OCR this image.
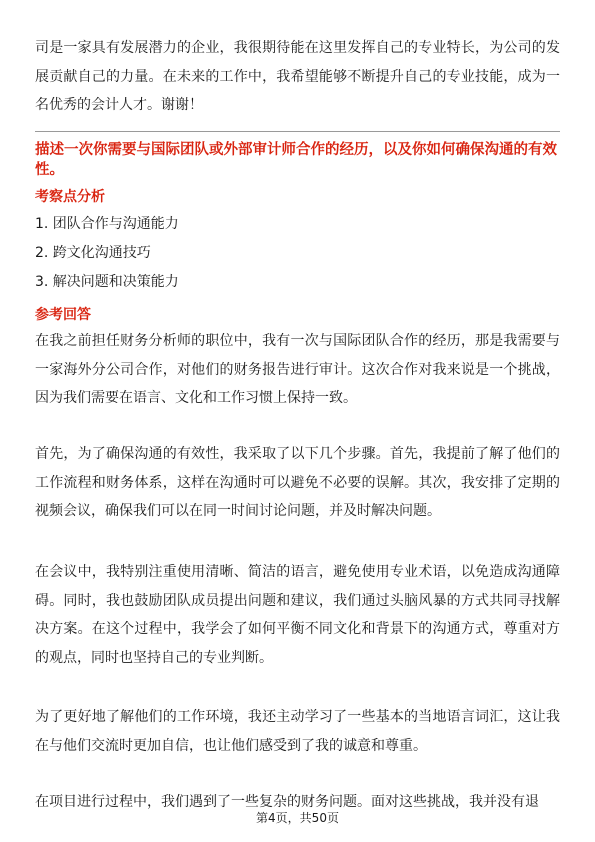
司是一家具有发展潜力的企业，我很期待能在这里发挥自己的专业特长，为公司的发展贡献自己的力量。在未来的工作中，我希望能够不断提升自己的专业技能，成为一名优秀的会计人才。谢谢！

描述一次你需要与国际团队或外部审计师合作的经历，以及你如何确保沟通的有效性。

考察点分析

1. 团队合作与沟通能力

2. 跨文化沟通技巧

3. 解决问题和决策能力

参考回答

在我之前担任财务分析师的职位中，我有一次与国际团队合作的经历，那是我需要与一家海外分公司合作，对他们的财务报告进行审计。这次合作对我来说是一个挑战，因为我们需要在语言、文化和工作习惯上保持一致。

首先，为了确保沟通的有效性，我采取了以下几个步骤。首先，我提前了解了他们的工作流程和财务体系，这样在沟通时可以避免不必要的误解。其次，我安排了定期的视频会议，确保我们可以在同一时间讨论问题，并及时解决问题。

在会议中，我特别注重使用清晰、简洁的语言，避免使用专业术语，以免造成沟通障碍。同时，我也鼓励团队成员提出问题和建议，我们通过头脑风暴的方式共同寻找解决方案。在这个过程中，我学会了如何平衡不同文化和背景下的沟通方式，尊重对方的观点，同时也坚持自己的专业判断。

为了更好地了解他们的工作环境，我还主动学习了一些基本的当地语言词汇，这让我在与他们交流时更加自信，也让他们感受到了我的诚意和尊重。

在项目进行过程中，我们遇到了一些复杂的财务问题。面对这些挑战，我并没有退

第4页，共50页
